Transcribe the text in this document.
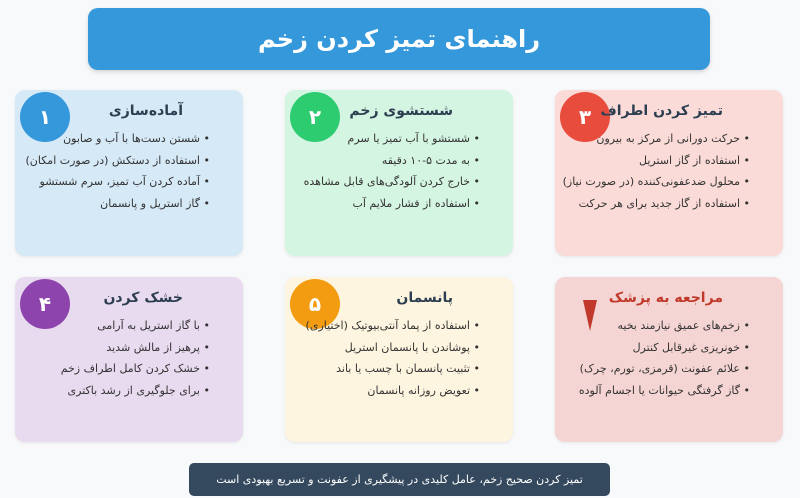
راهنمای تمیز کردن زخم
۱	آماده‌سازی
• شستن دست‌ها با آب و صابون
• استفاده از دستکش (در صورت امکان)
• آماده کردن آب تمیز، سرم شستشو
• گاز استریل و پانسمان
۲	شستشوی زخم
• شستشو با آب تمیز یا سرم
• به مدت ۵-۱۰ دقیقه
• خارج کردن آلودگی‌های قابل مشاهده
• استفاده از فشار ملایم آب
۳ تمیز کردن اطراف
• حرکت دورانی از مرکز به بیرون
• استفاده از گاز استریل
• محلول ضدعفونی‌کننده (در صورت نیاز)
• استفاده از گاز جدید برای هر حرکت
۴	خشک کردن
• با گاز استریل به آرامی
• پرهیز از مالش شدید
• خشک کردن کامل اطراف زخم
• برای جلوگیری از رشد باکتری
۵	پانسمان
• استفاده از پماد آنتی‌بیوتیک (اختیاری)
• پوشاندن با پانسمان استریل
• تثبیت پانسمان با چسب یا باند
• تعویض روزانه پانسمان
مراجعه به پزشک
• زخم‌های عمیق نیازمند بخیه
• خونریزی غیرقابل کنترل
• علائم عفونت (قرمزی، تورم، چرک)
• گاز گرفتگی حیوانات یا اجسام آلوده
تمیز کردن صحیح زخم، عامل کلیدی در پیشگیری از عفونت و تسریع بهبودی است
